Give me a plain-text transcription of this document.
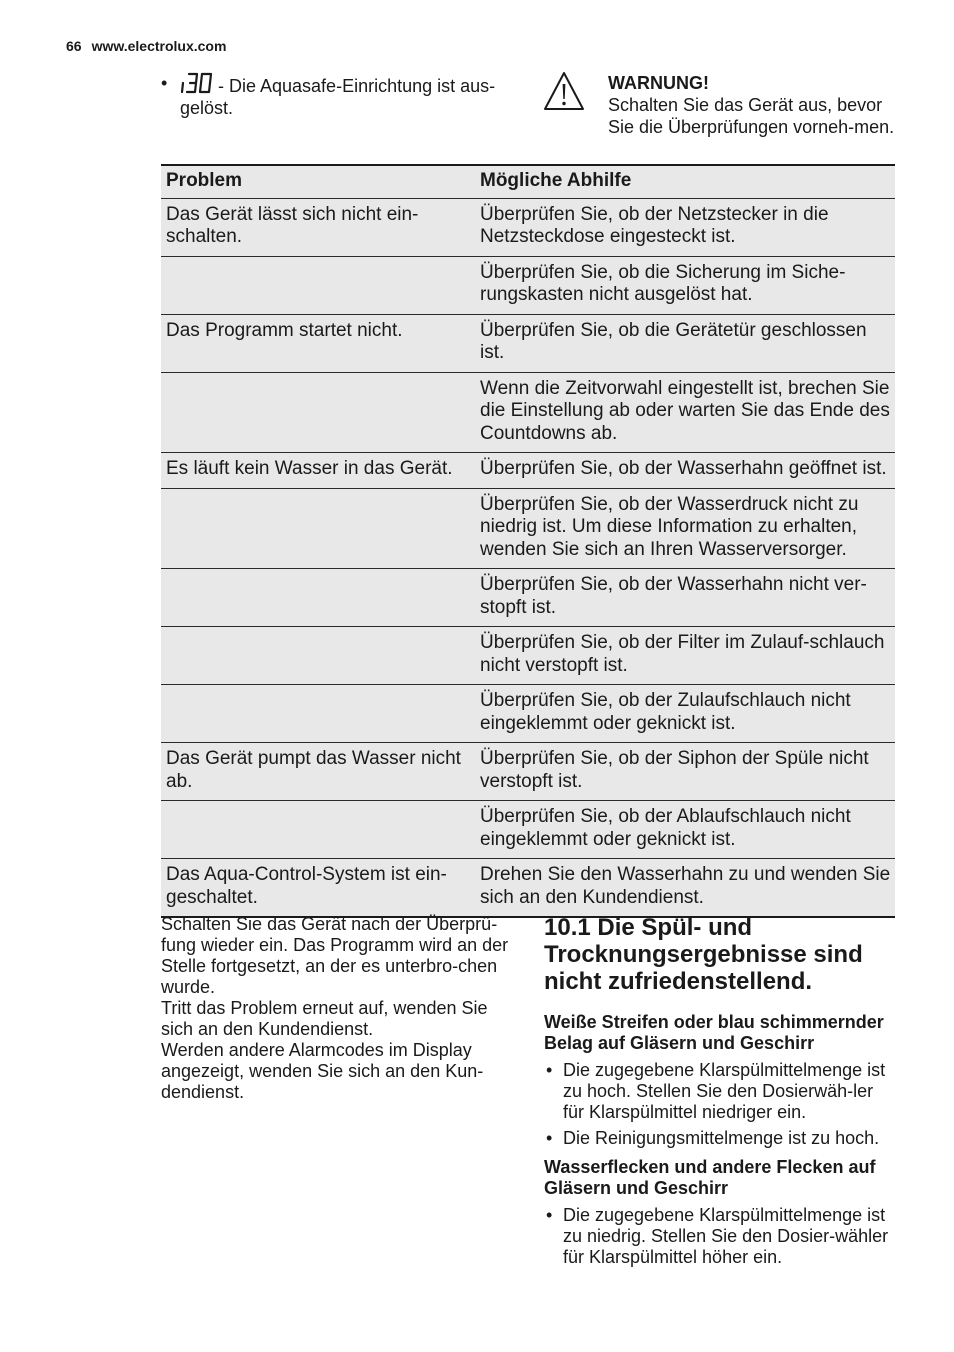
66 www.electrolux.com
•	- Die Aquasafe-Einrichtung ist aus-gelöst.
WARNUNG!
Schalten Sie das Gerät aus, bevor Sie die Überprüfungen vorneh-men.
Problem	Mögliche Abhilfe
Das Gerät lässt sich nicht ein-schalten.	Überprüfen Sie, ob der Netzstecker in die Netzsteckdose eingesteckt ist.
	Überprüfen Sie, ob die Sicherung im Siche-rungskasten nicht ausgelöst hat.
Das Programm startet nicht.	Überprüfen Sie, ob die Gerätetür geschlossen ist.
	Wenn die Zeitvorwahl eingestellt ist, brechen Sie die Einstellung ab oder warten Sie das Ende des Countdowns ab.
Es läuft kein Wasser in das Gerät.	Überprüfen Sie, ob der Wasserhahn geöffnet ist.
	Überprüfen Sie, ob der Wasserdruck nicht zu niedrig ist. Um diese Information zu erhalten, wenden Sie sich an Ihren Wasserversorger.
	Überprüfen Sie, ob der Wasserhahn nicht ver-stopft ist.
	Überprüfen Sie, ob der Filter im Zulauf-schlauch nicht verstopft ist.
	Überprüfen Sie, ob der Zulaufschlauch nicht eingeklemmt oder geknickt ist.
Das Gerät pumpt das Wasser nicht ab.	Überprüfen Sie, ob der Siphon der Spüle nicht verstopft ist.
	Überprüfen Sie, ob der Ablaufschlauch nicht eingeklemmt oder geknickt ist.
Das Aqua-Control-System ist ein-geschaltet.	Drehen Sie den Wasserhahn zu und wenden Sie sich an den Kundendienst.

Schalten Sie das Gerät nach der Überprü-fung wieder ein. Das Programm wird an der Stelle fortgesetzt, an der es unterbro-chen wurde.

Tritt das Problem erneut auf, wenden Sie sich an den Kundendienst.

Werden andere Alarmcodes im Display angezeigt, wenden Sie sich an den Kun-dendienst.

10.1 Die Spül- und Trocknungsergebnisse sind nicht zufriedenstellend.
Weiße Streifen oder blau schimmernder Belag auf Gläsern und Geschirr
• Die zugegebene Klarspülmittelmenge ist zu hoch. Stellen Sie den Dosierwäh-ler für Klarspülmittel niedriger ein.
• Die Reinigungsmittelmenge ist zu hoch.
Wasserflecken und andere Flecken auf Gläsern und Geschirr
• Die zugegebene Klarspülmittelmenge ist zu niedrig. Stellen Sie den Dosier-wähler für Klarspülmittel höher ein.
